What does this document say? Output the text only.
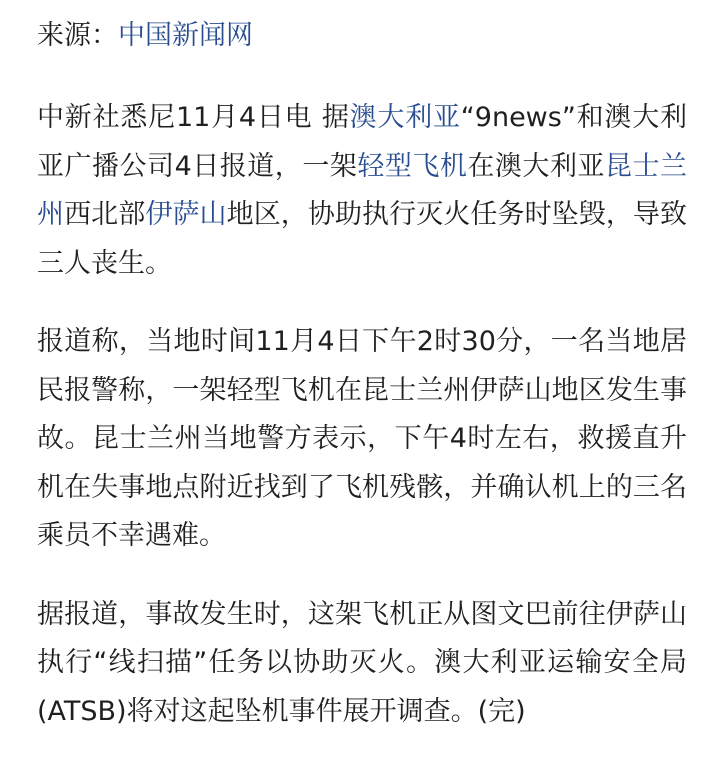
来源：中国新闻网

中新社悉尼11月4日电 据澳大利亚“9news”和澳大利亚广播公司4日报道，一架轻型飞机在澳大利亚昆士兰州西北部伊萨山地区，协助执行灭火任务时坠毁，导致三人丧生。

报道称，当地时间11月4日下午2时30分，一名当地居民报警称，一架轻型飞机在昆士兰州伊萨山地区发生事故。昆士兰州当地警方表示，下午4时左右，救援直升机在失事地点附近找到了飞机残骸，并确认机上的三名乘员不幸遇难。

据报道，事故发生时，这架飞机正从图文巴前往伊萨山执行“线扫描”任务以协助灭火。澳大利亚运输安全局(ATSB)将对这起坠机事件展开调查。(完)
